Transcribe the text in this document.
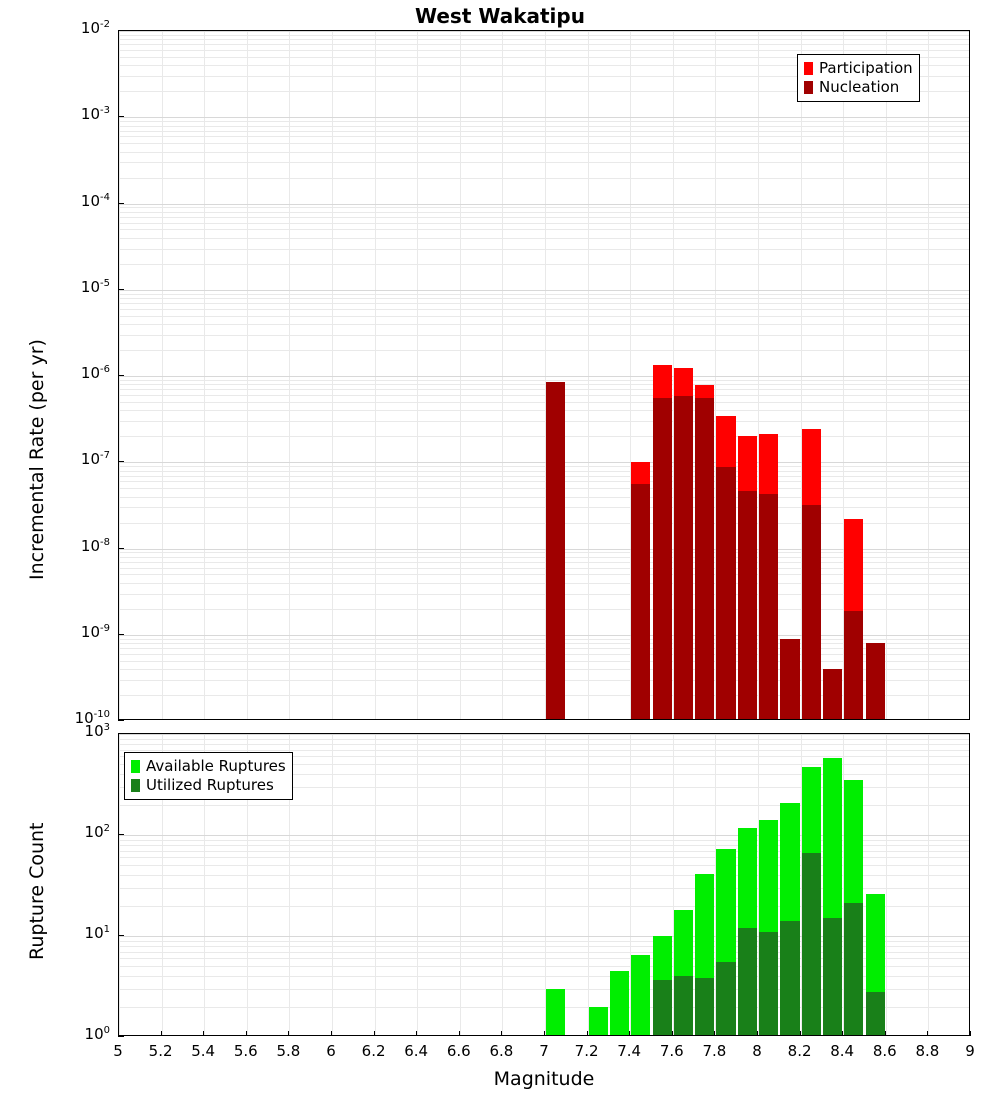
West Wakatipu
Incremental Rate (per yr)
Participation
Nucleation
Rupture Count
Available Ruptures
Utilized Ruptures
Magnitude
$10^{-2}$
$10^{-3}$
$10^{-4}$
$10^{-5}$
$10^{-6}$
$10^{-7}$
$10^{-8}$
$10^{-9}$
$10^{-10}$
$10^3$
$10^2$
$10^1$
$10^0$
5	5.2	5.4	5.6	5.8	6	6.2	6.4	6.6	6.8	7	7.2	7.4	7.6	7.8	8	8.2	8.4	8.6	8.8	9
